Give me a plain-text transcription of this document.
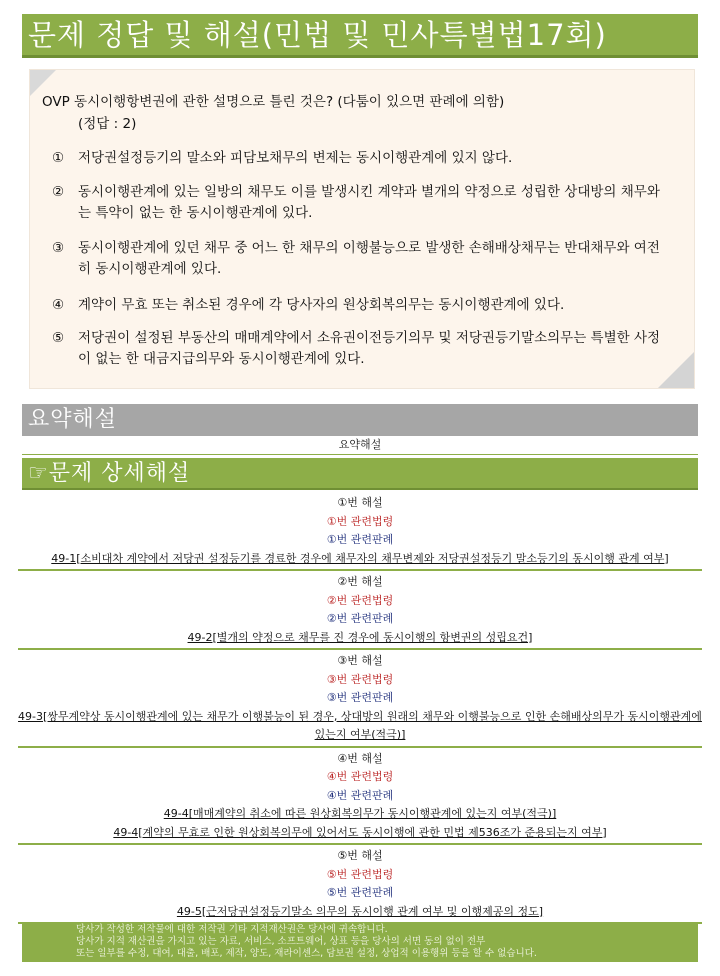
문제 정답 및 해설(민법 및 민사특별법17회)
OVP 동시이행항변권에 관한 설명으로 틀린 것은? (다툼이 있으면 판례에 의함)
(정답 : 2)
① 저당권설정등기의 말소와 피담보채무의 변제는 동시이행관계에 있지 않다.
② 동시이행관계에 있는 일방의 채무도 이를 발생시킨 계약과 별개의 약정으로 성립한 상대방의 채무와는 특약이 없는 한 동시이행관계에 있다.
③ 동시이행관계에 있던 채무 중 어느 한 채무의 이행불능으로 발생한 손해배상채무는 반대채무와 여전히 동시이행관계에 있다.
④ 계약이 무효 또는 취소된 경우에 각 당사자의 원상회복의무는 동시이행관계에 있다.
⑤ 저당권이 설정된 부동산의 매매계약에서 소유권이전등기의무 및 저당권등기말소의무는 특별한 사정이 없는 한 대금지급의무와 동시이행관계에 있다.
요약해설
요약해설
☞문제 상세해설
①번 해설
①번 관련법령
①번 관련판례
49-1[소비대차 계약에서 저당권 설정등기를 경료한 경우에 채무자의 채무변제와 저당권설정등기 말소등기의 동시이행 관계 여부]
②번 해설
②번 관련법령
②번 관련판례
49-2[별개의 약정으로 채무를 진 경우에 동시이행의 항변권의 성립요건]
③번 해설
③번 관련법령
③번 관련판례
49-3[쌍무계약상 동시이행관계에 있는 채무가 이행불능이 된 경우, 상대방의 원래의 채무와 이행불능으로 인한 손해배상의무가 동시이행관계에 있는지 여부(적극)]
④번 해설
④번 관련법령
④번 관련판례
49-4[매매계약의 취소에 따른 원상회복의무가 동시이행관계에 있는지 여부(적극)]
49-4[계약의 무효로 인한 원상회복의무에 있어서도 동시이행에 관한 민법 제536조가 준용되는지 여부]
⑤번 해설
⑤번 관련법령
⑤번 관련판례
49-5[근저당권설정등기말소 의무의 동시이행 관계 여부 및 이행제공의 정도]
당사가 작성한 저작물에 대한 저작권 기타 지적재산권은 당사에 귀속합니다.
당사가 지적 재산권을 가지고 있는 자료, 서비스, 소프트웨어, 상표 등을 당사의 서면 동의 없이 전부
또는 일부를 수정, 대여, 대출, 배포, 제작, 양도, 재라이센스, 담보권 설정, 상업적 이용행위 등을 할 수 없습니다.
